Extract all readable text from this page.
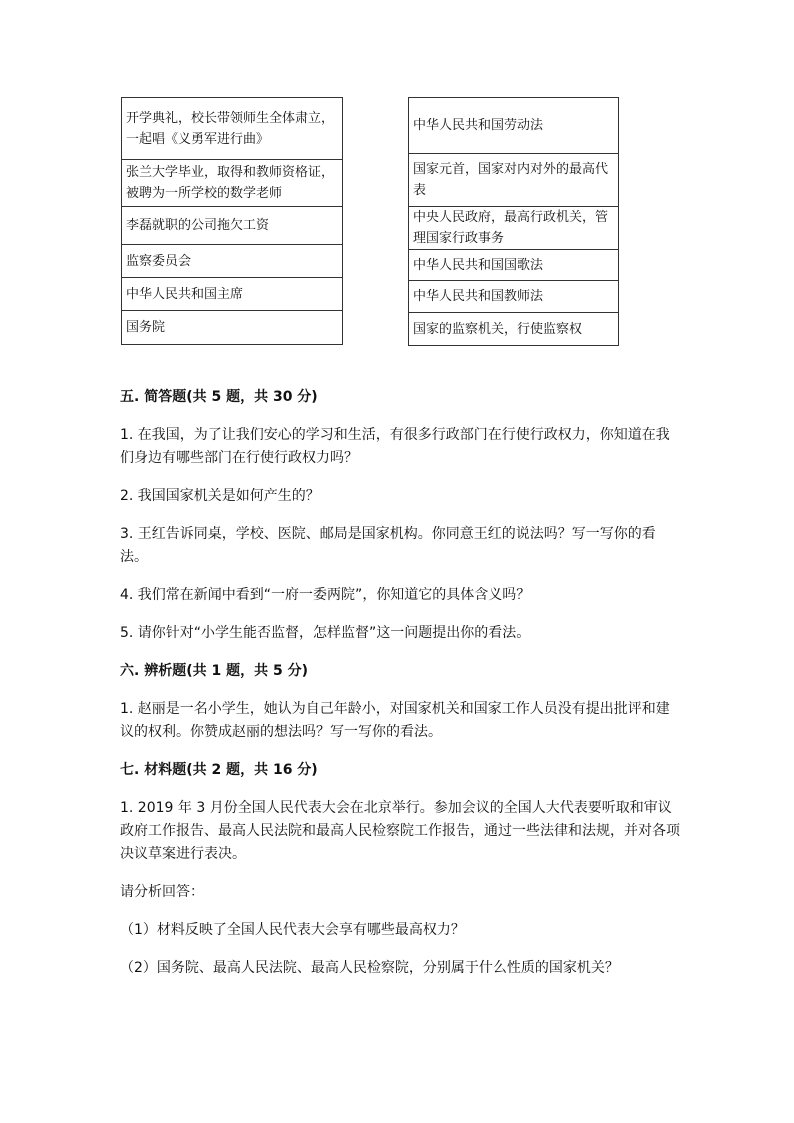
开学典礼，校长带领师生全体肃立，一起唱《义勇军进行曲》
张兰大学毕业，取得和教师资格证，被聘为一所学校的数学老师
李磊就职的公司拖欠工资
监察委员会
中华人民共和国主席
国务院
中华人民共和国劳动法
国家元首，国家对内对外的最高代表
中央人民政府，最高行政机关，管理国家行政事务
中华人民共和国国歌法
中华人民共和国教师法
国家的监察机关，行使监察权
五. 简答题(共 5 题，共 30 分)
1. 在我国，为了让我们安心的学习和生活，有很多行政部门在行使行政权力，你知道在我们身边有哪些部门在行使行政权力吗？
2. 我国国家机关是如何产生的？
3. 王红告诉同桌，学校、医院、邮局是国家机构。你同意王红的说法吗？写一写你的看法。
4. 我们常在新闻中看到“一府一委两院”，你知道它的具体含义吗？
5. 请你针对“小学生能否监督，怎样监督”这一问题提出你的看法。
六. 辨析题(共 1 题，共 5 分)
1. 赵丽是一名小学生，她认为自己年龄小，对国家机关和国家工作人员没有提出批评和建议的权利。你赞成赵丽的想法吗？写一写你的看法。
七. 材料题(共 2 题，共 16 分)
1. 2019 年 3 月份全国人民代表大会在北京举行。参加会议的全国人大代表要听取和审议政府工作报告、最高人民法院和最高人民检察院工作报告，通过一些法律和法规，并对各项决议草案进行表决。
请分析回答：
（1）材料反映了全国人民代表大会享有哪些最高权力？
（2）国务院、最高人民法院、最高人民检察院，分别属于什么性质的国家机关？
